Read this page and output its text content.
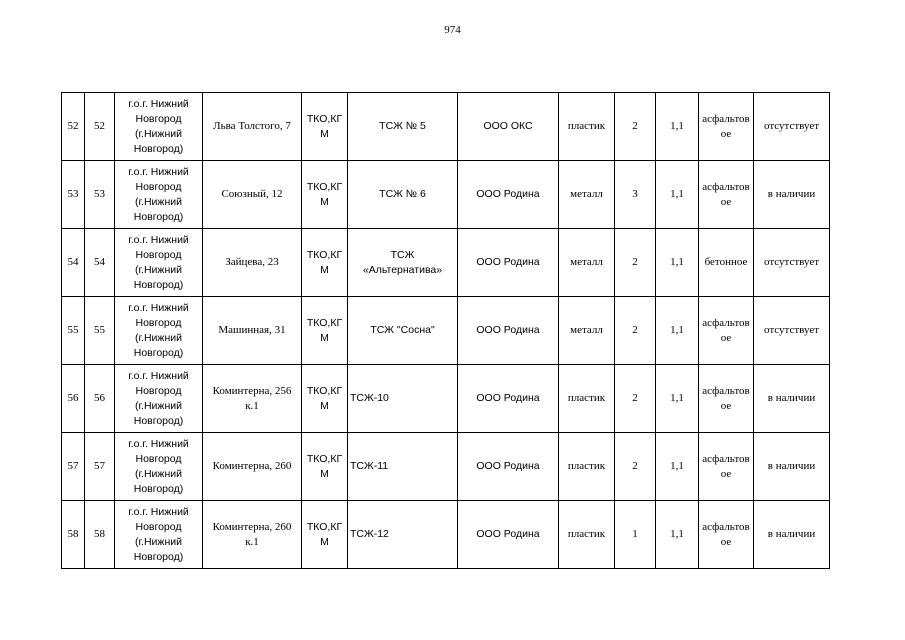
974
52	52	г.о.г. Нижний Новгород (г.Нижний Новгород)	Льва Толстого, 7	ТКО,КГМ	ТСЖ № 5	ООО ОКС	пластик	2	1,1	асфальтовое	отсутствует
53	53	г.о.г. Нижний Новгород (г.Нижний Новгород)	Союзный, 12	ТКО,КГМ	ТСЖ № 6	ООО Родина	металл	3	1,1	асфальтовое	в наличии
54	54	г.о.г. Нижний Новгород (г.Нижний Новгород)	Зайцева, 23	ТКО,КГМ	ТСЖ «Альтернатива»	ООО Родина	металл	2	1,1	бетонное	отсутствует
55	55	г.о.г. Нижний Новгород (г.Нижний Новгород)	Машинная, 31	ТКО,КГМ	ТСЖ "Сосна"	ООО Родина	металл	2	1,1	асфальтовое	отсутствует
56	56	г.о.г. Нижний Новгород (г.Нижний Новгород)	Коминтерна, 256 к.1	ТКО,КГМ	ТСЖ-10	ООО Родина	пластик	2	1,1	асфальтовое	в наличии
57	57	г.о.г. Нижний Новгород (г.Нижний Новгород)	Коминтерна, 260	ТКО,КГМ	ТСЖ-11	ООО Родина	пластик	2	1,1	асфальтовое	в наличии
58	58	г.о.г. Нижний Новгород (г.Нижний Новгород)	Коминтерна, 260 к.1	ТКО,КГМ	ТСЖ-12	ООО Родина	пластик	1	1,1	асфальтовое	в наличии
